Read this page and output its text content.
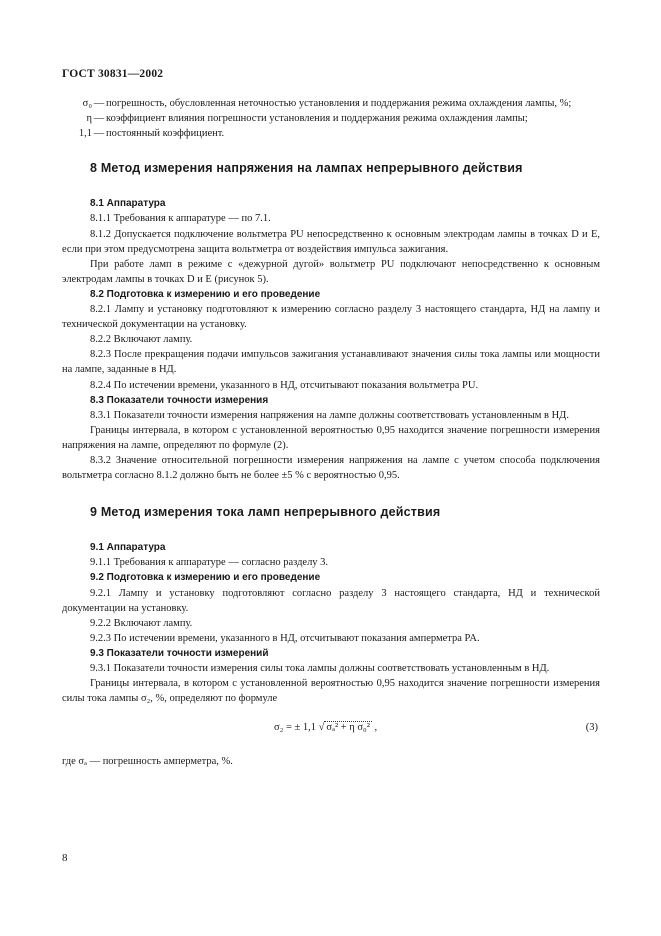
ГОСТ 30831—2002
σ₀ — погрешность, обусловленная неточностью установления и поддержания режима охлаждения лампы, %;
η — коэффициент влияния погрешности установления и поддержания режима охлаждения лампы;
1,1 — постоянный коэффициент.
8 Метод измерения напряжения на лампах непрерывного действия
8.1 Аппаратура

8.1.1 Требования к аппаратуре — по 7.1.

8.1.2 Допускается подключение вольтметра PU непосредственно к основным электродам лампы в точках D и E, если при этом предусмотрена защита вольтметра от воздействия импульса зажигания.

При работе ламп в режиме с «дежурной дугой» вольтметр PU подключают непосредственно к основным электродам лампы в точках D и E (рисунок 5).

8.2 Подготовка к измерению и его проведение

8.2.1 Лампу и установку подготовляют к измерению согласно разделу 3 настоящего стандарта, НД на лампу и технической документации на установку.

8.2.2 Включают лампу.

8.2.3 После прекращения подачи импульсов зажигания устанавливают значения силы тока лампы или мощности на лампе, заданные в НД.

8.2.4 По истечении времени, указанного в НД, отсчитывают показания вольтметра PU.

8.3 Показатели точности измерения

8.3.1 Показатели точности измерения напряжения на лампе должны соответствовать установленным в НД.

Границы интервала, в котором с установленной вероятностью 0,95 находится значение погрешности измерения напряжения на лампе, определяют по формуле (2).

8.3.2 Значение относительной погрешности измерения напряжения на лампе с учетом способа подключения вольтметра согласно 8.1.2 должно быть не более ±5 % с вероятностью 0,95.

9 Метод измерения тока ламп непрерывного действия
9.1 Аппаратура

9.1.1 Требования к аппаратуре — согласно разделу 3.

9.2 Подготовка к измерению и его проведение

9.2.1 Лампу и установку подготовляют согласно разделу 3 настоящего стандарта, НД и технической документации на установку.

9.2.2 Включают лампу.

9.2.3 По истечении времени, указанного в НД, отсчитывают показания амперметра PA.

9.3 Показатели точности измерений

9.3.1 Показатели точности измерения силы тока лампы должны соответствовать установленным в НД.

Границы интервала, в котором с установленной вероятностью 0,95 находится значение погрешности измерения силы тока лампы σ₂, %, определяют по формуле

σ₂ = ± 1,1 √ σₐ² + η σ₀² ,	(3)
где σₐ — погрешность амперметра, %.
8
